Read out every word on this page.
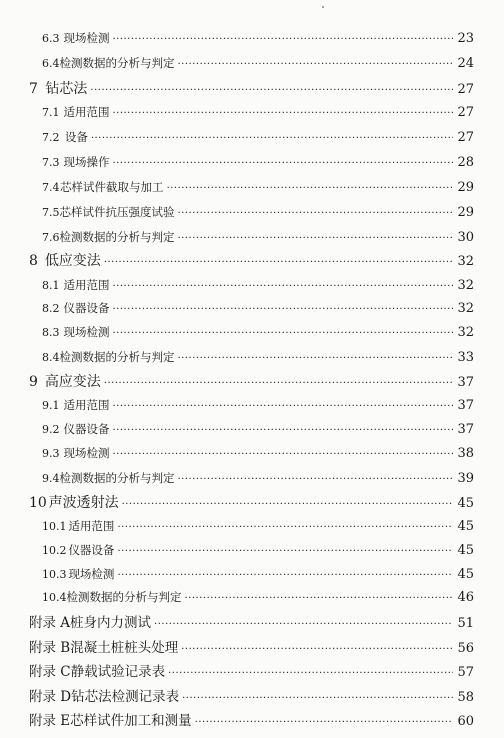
6.3 现场检测 ·····	23
6.4 检测数据的分析与判定 ·····	24
7 钻芯法 ·····	27
7.1 适用范围 ·····	27
7.2 设备 ·····	27
7.3 现场操作 ·····	28
7.4 芯样试件截取与加工 ·····	29
7.5 芯样试件抗压强度试验 ·····	29
7.6 检测数据的分析与判定 ·····	30
8 低应变法 ·····	32
8.1 适用范围 ·····	32
8.2 仪器设备 ·····	32
8.3 现场检测 ·····	32
8.4 检测数据的分析与判定 ·····	33
9 高应变法 ·····	37
9.1 适用范围 ·····	37
9.2 仪器设备 ·····	37
9.3 现场检测 ·····	38
9.4 检测数据的分析与判定 ·····	39
10 声波透射法 ·····	45
10.1 适用范围 ·····	45
10.2 仪器设备 ·····	45
10.3 现场检测 ·····	45
10.4 检测数据的分析与判定 ·····	46
附录 A 桩身内力测试 ·····	51
附录 B 混凝土桩桩头处理 ·····	56
附录 C 静载试验记录表 ·····	57
附录 D 钻芯法检测记录表 ·····	58
附录 E 芯样试件加工和测量 ·····	60
